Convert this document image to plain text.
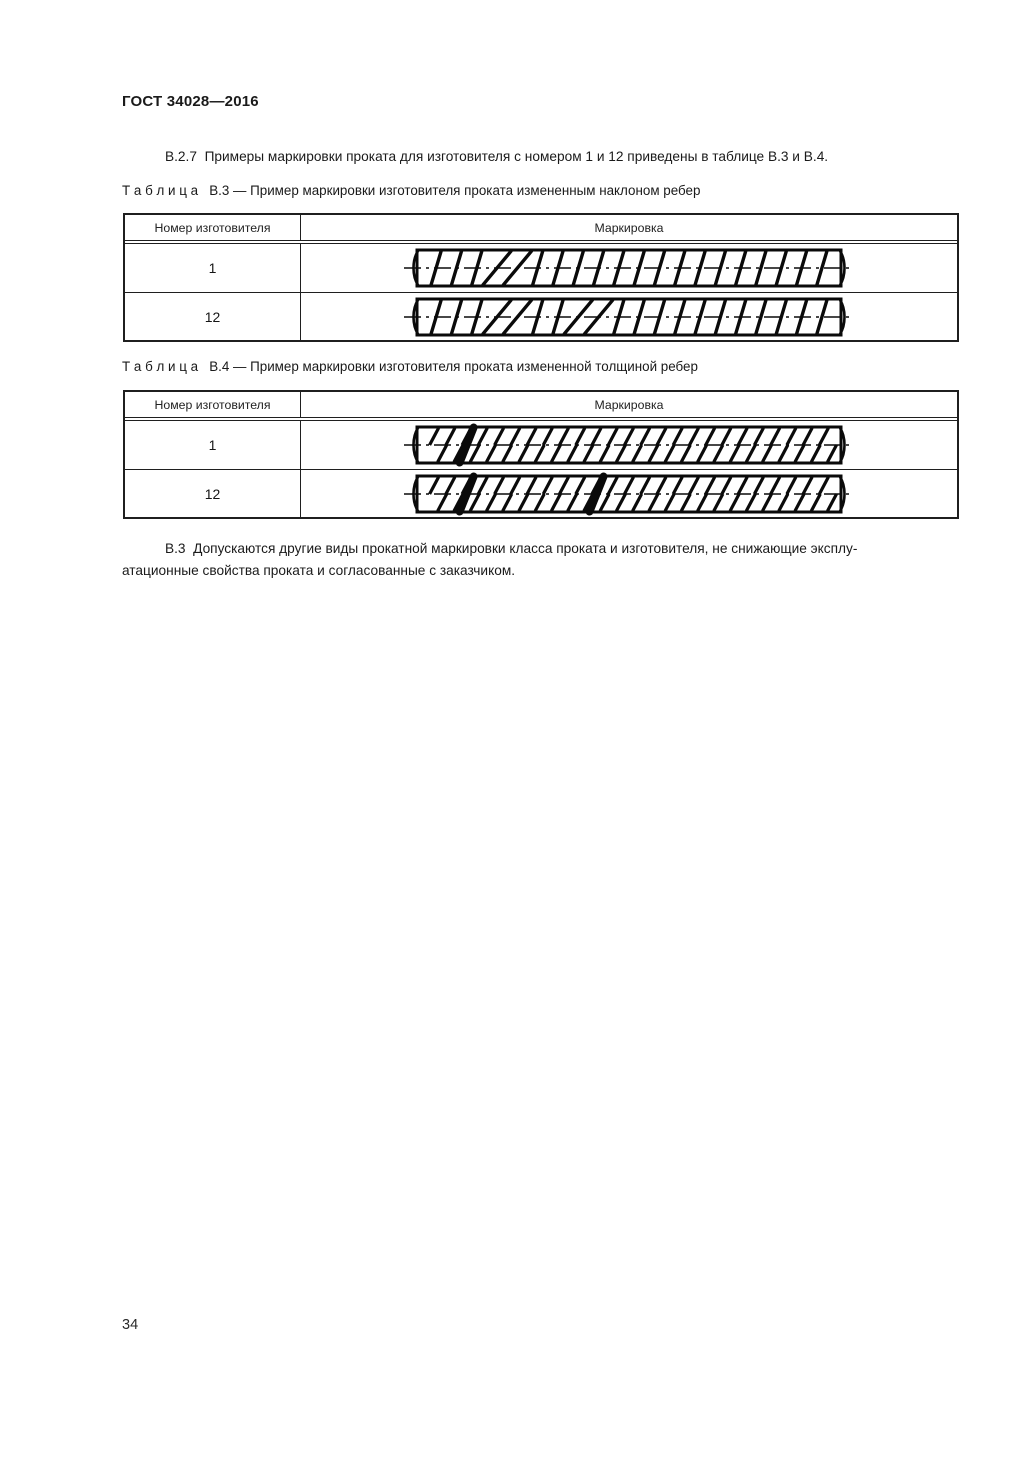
ГОСТ 34028—2016
В.2.7  Примеры маркировки проката для изготовителя с номером 1 и 12 приведены в таблице В.3 и В.4.
Т а б л и ц а   В.3 — Пример маркировки изготовителя проката измененным наклоном ребер
Номер изготовителя	Маркировка
1
12
Т а б л и ц а   В.4 — Пример маркировки изготовителя проката измененной толщиной ребер
Номер изготовителя	Маркировка
1
12
В.3  Допускаются другие виды прокатной маркировки класса проката и изготовителя, не снижающие эксплу-
атационные свойства проката и согласованные с заказчиком.
34
